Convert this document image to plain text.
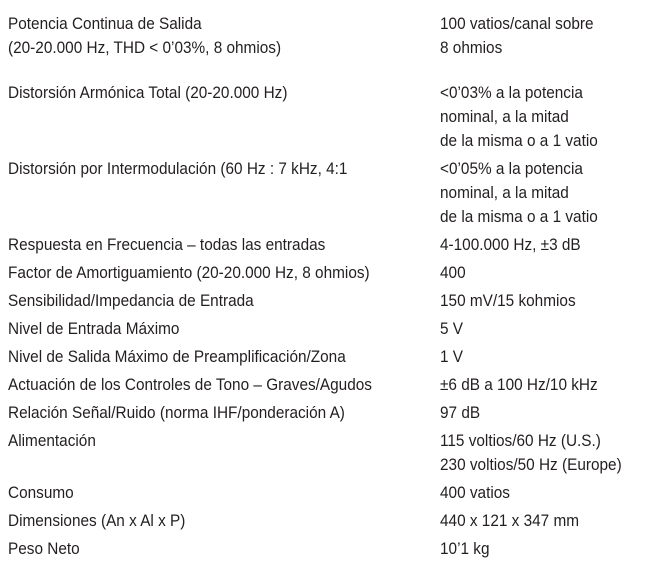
Potencia Continua de Salida	100 vatios/canal sobre
(20-20.000 Hz, THD < 0’03%, 8 ohmios)	8 ohmios
Distorsión Armónica Total (20-20.000 Hz)	<0’03% a la potencia
nominal, a la mitad
de la misma o a 1 vatio
Distorsión por Intermodulación (60 Hz : 7 kHz, 4:1	<0’05% a la potencia
nominal, a la mitad
de la misma o a 1 vatio
Respuesta en Frecuencia – todas las entradas	4-100.000 Hz, ±3 dB
Factor de Amortiguamiento (20-20.000 Hz, 8 ohmios)	400
Sensibilidad/Impedancia de Entrada	150 mV/15 kohmios
Nivel de Entrada Máximo	5 V
Nivel de Salida Máximo de Preamplificación/Zona	1 V
Actuación de los Controles de Tono – Graves/Agudos	±6 dB a 100 Hz/10 kHz
Relación Señal/Ruido (norma IHF/ponderación A)	97 dB
Alimentación	115 voltios/60 Hz (U.S.)
230 voltios/50 Hz (Europe)
Consumo	400 vatios
Dimensiones (An x Al x P)	440 x 121 x 347 mm
Peso Neto	10’1 kg
